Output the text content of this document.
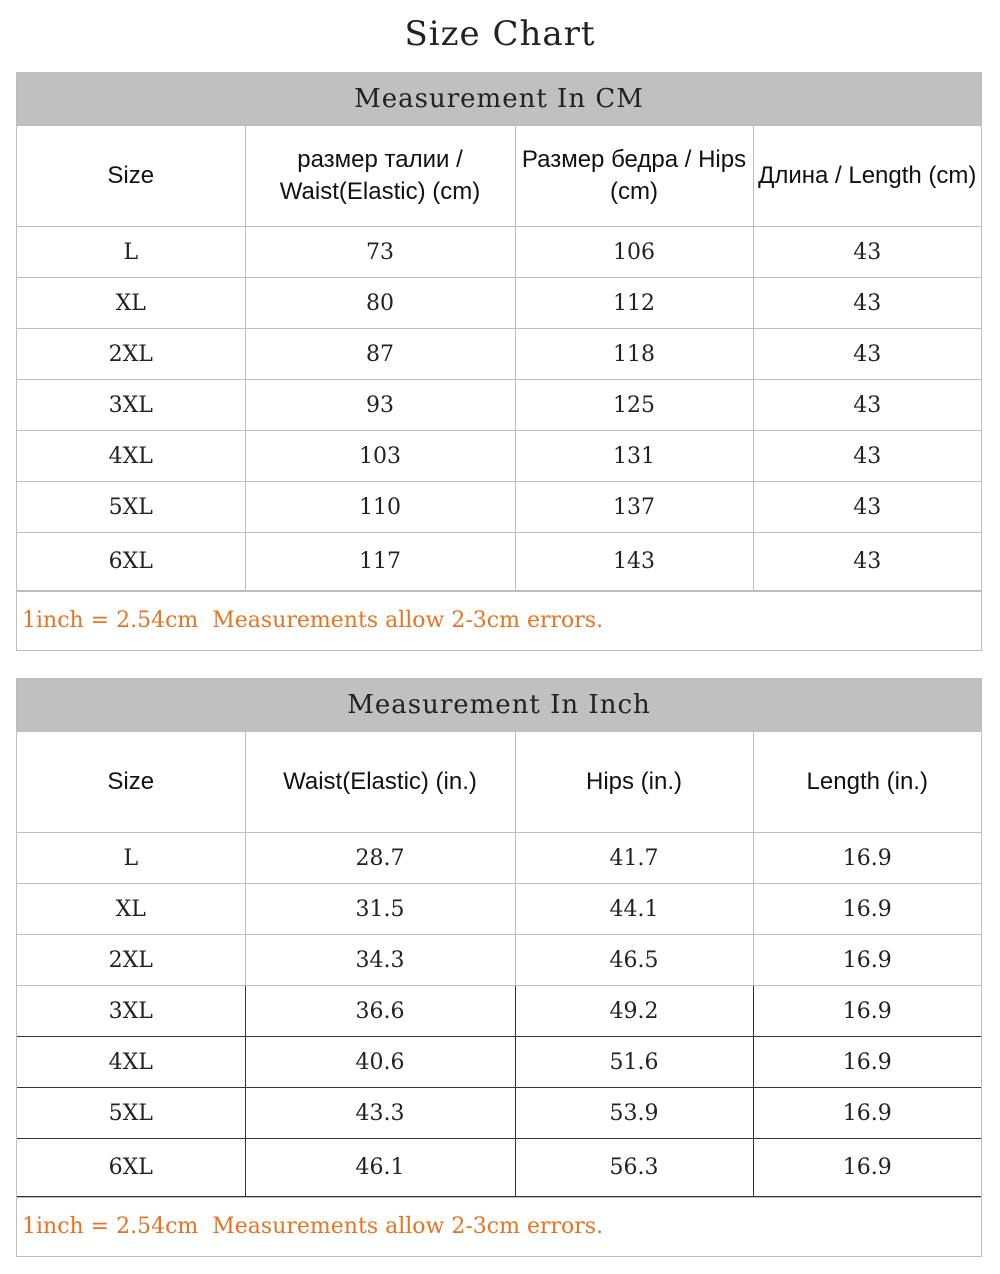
Size Chart
Measurement In CM
Size	размер талии / Waist(Elastic) (cm)	Размер бедра / Hips (cm)	Длина / Length (cm)
L	73	106	43
XL	80	112	43
2XL	87	118	43
3XL	93	125	43
4XL	103	131	43
5XL	110	137	43
6XL	117	143	43
1inch = 2.54cm  Measurements allow 2-3cm errors.
Measurement In Inch
Size	Waist(Elastic) (in.)	Hips (in.)	Length (in.)
L	28.7	41.7	16.9
XL	31.5	44.1	16.9
2XL	34.3	46.5	16.9
3XL	36.6	49.2	16.9
4XL	40.6	51.6	16.9
5XL	43.3	53.9	16.9
6XL	46.1	56.3	16.9
1inch = 2.54cm  Measurements allow 2-3cm errors.
